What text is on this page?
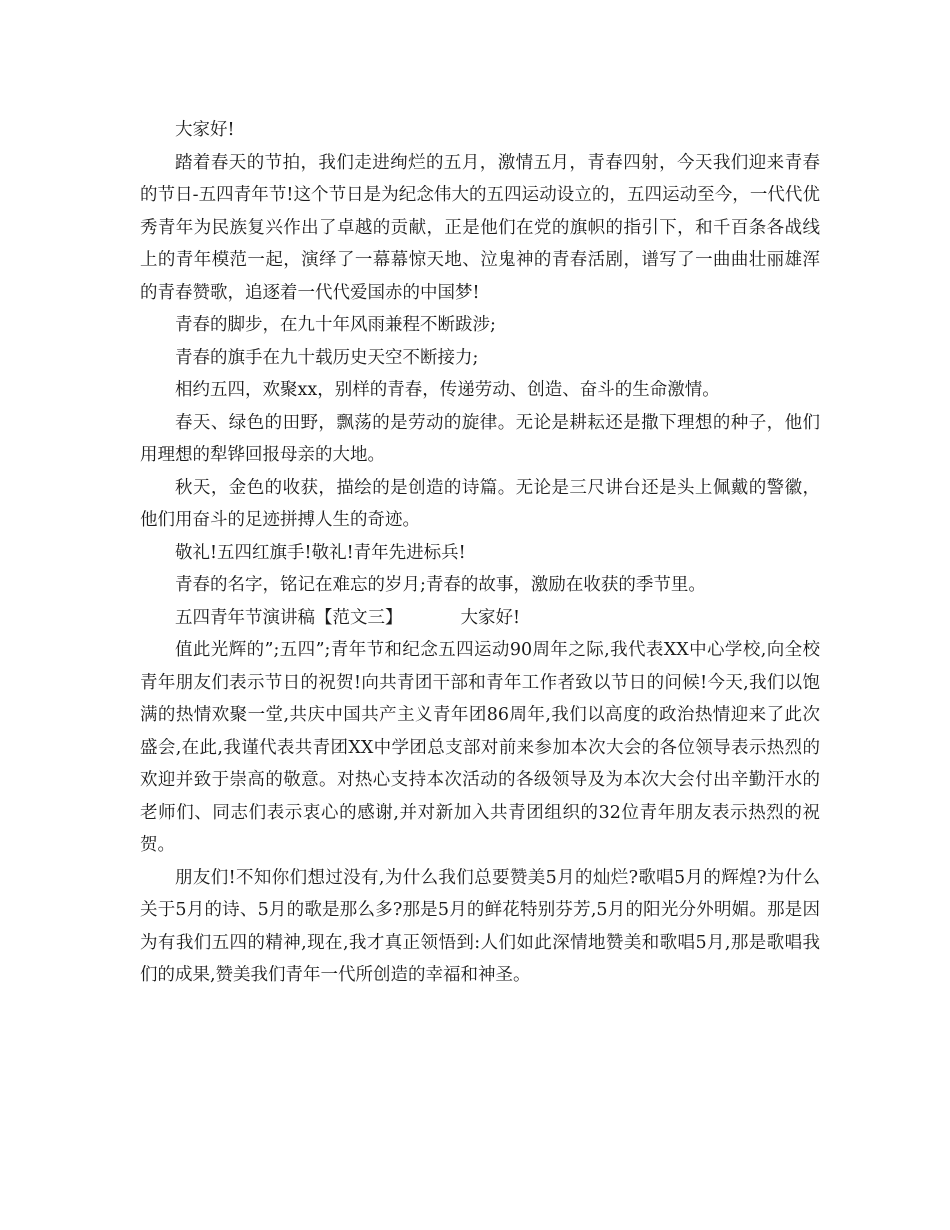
大家好!

踏着春天的节拍，我们走进绚烂的五月，激情五月，青春四射，今天我们迎来青春的节日-五四青年节!这个节日是为纪念伟大的五四运动设立的，五四运动至今，一代代优秀青年为民族复兴作出了卓越的贡献，正是他们在党的旗帜的指引下，和千百条各战线上的青年模范一起，演绎了一幕幕惊天地、泣鬼神的青春活剧，谱写了一曲曲壮丽雄浑的青春赞歌，追逐着一代代爱国赤的中国梦!

青春的脚步，在九十年风雨兼程不断跋涉;

青春的旗手在九十载历史天空不断接力;

相约五四，欢聚xx，别样的青春，传递劳动、创造、奋斗的生命激情。

春天、绿色的田野，飘荡的是劳动的旋律。无论是耕耘还是撒下理想的种子，他们用理想的犁铧回报母亲的大地。

秋天，金色的收获，描绘的是创造的诗篇。无论是三尺讲台还是头上佩戴的警徽，他们用奋斗的足迹拼搏人生的奇迹。

敬礼!五四红旗手!敬礼!青年先进标兵!

青春的名字，铭记在难忘的岁月;青春的故事，激励在收获的季节里。

五四青年节演讲稿【范文三】	大家好!

值此光辉的”;五四”;青年节和纪念五四运动90周年之际,我代表XX中心学校,向全校青年朋友们表示节日的祝贺!向共青团干部和青年工作者致以节日的问候!今天,我们以饱满的热情欢聚一堂,共庆中国共产主义青年团86周年,我们以高度的政治热情迎来了此次盛会,在此,我谨代表共青团XX中学团总支部对前来参加本次大会的各位领导表示热烈的欢迎并致于崇高的敬意。对热心支持本次活动的各级领导及为本次大会付出辛勤汗水的老师们、同志们表示衷心的感谢,并对新加入共青团组织的32位青年朋友表示热烈的祝贺。

朋友们!不知你们想过没有,为什么我们总要赞美5月的灿烂?歌唱5月的辉煌?为什么关于5月的诗、5月的歌是那么多?那是5月的鲜花特别芬芳,5月的阳光分外明媚。那是因为有我们五四的精神,现在,我才真正领悟到:人们如此深情地赞美和歌唱5月,那是歌唱我们的成果,赞美我们青年一代所创造的幸福和神圣。
